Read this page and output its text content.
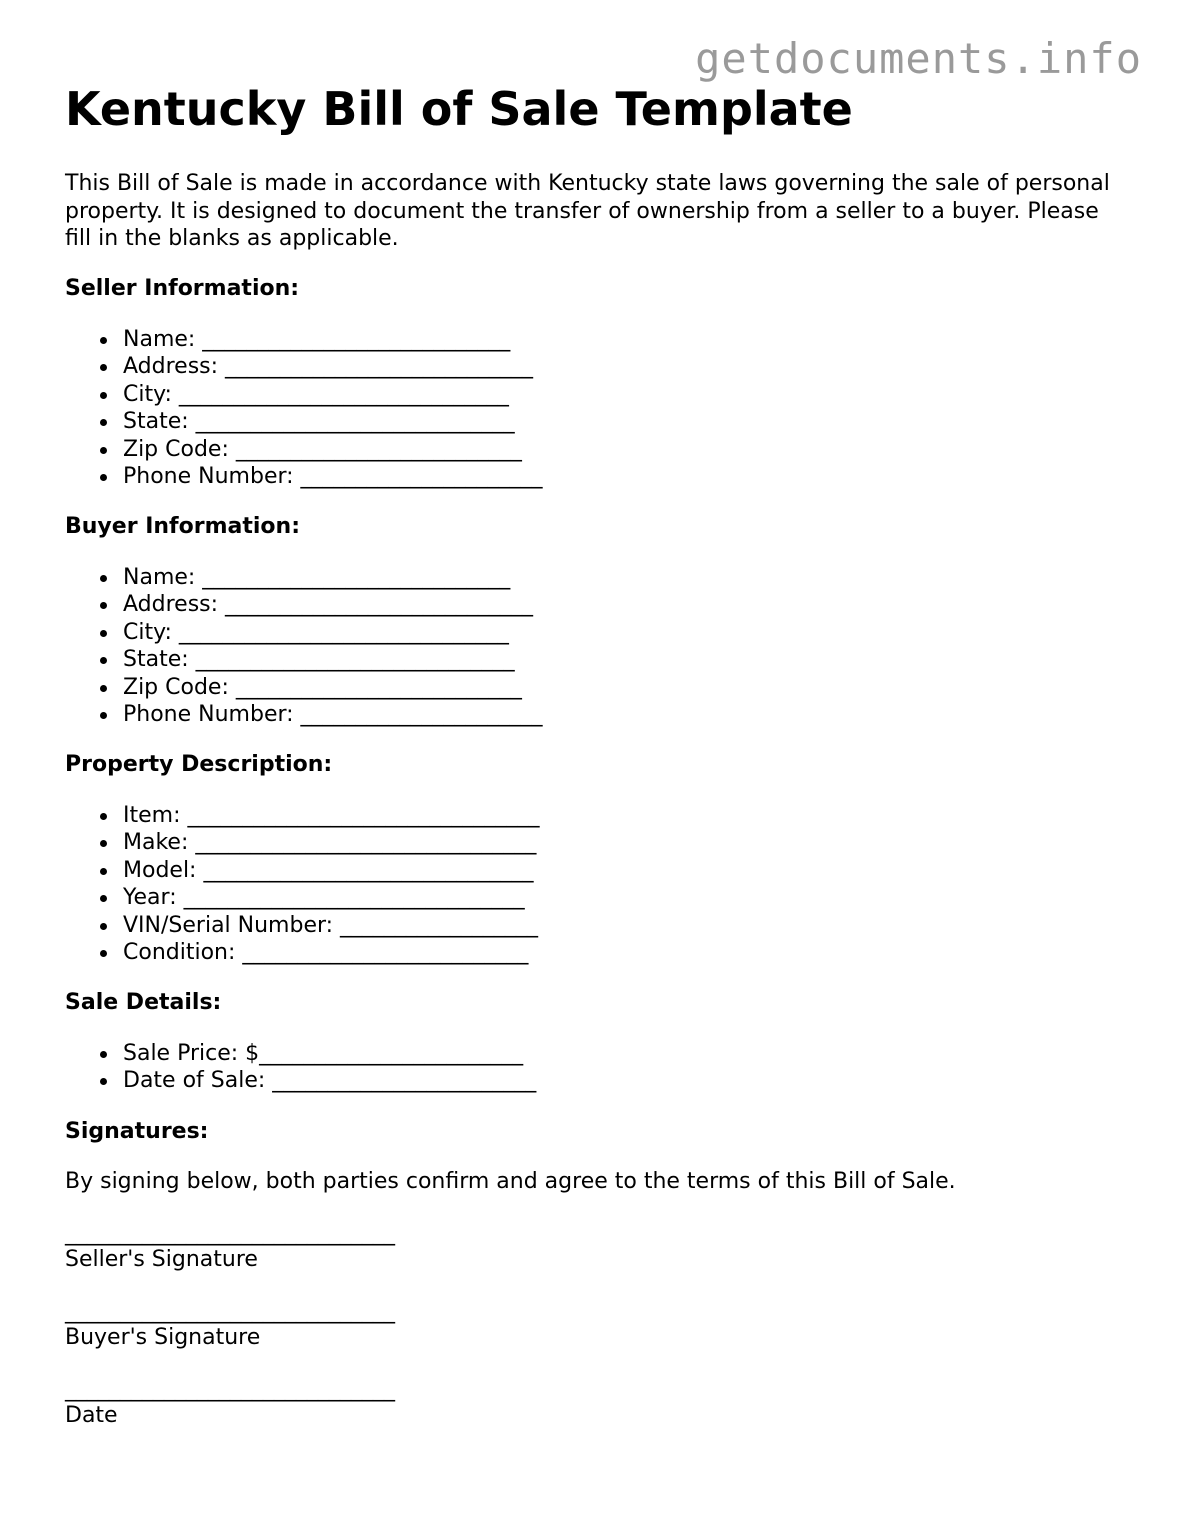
getdocuments.info
Kentucky Bill of Sale Template

This Bill of Sale is made in accordance with Kentucky state laws governing the sale of personal property. It is designed to document the transfer of ownership from a seller to a buyer. Please fill in the blanks as applicable.

Seller Information:
Name: ____________________________
Address: ____________________________
City: ______________________________
State: _____________________________
Zip Code: __________________________
Phone Number: ______________________
Buyer Information:
Name: ____________________________
Address: ____________________________
City: ______________________________
State: _____________________________
Zip Code: __________________________
Phone Number: ______________________
Property Description:
Item: ________________________________
Make: _______________________________
Model: ______________________________
Year: _______________________________
VIN/Serial Number: __________________
Condition: __________________________
Sale Details:
Sale Price: $________________________
Date of Sale: ________________________
Signatures:

By signing below, both parties confirm and agree to the terms of this Bill of Sale.

______________________________

Seller's Signature

______________________________

Buyer's Signature

______________________________

Date
